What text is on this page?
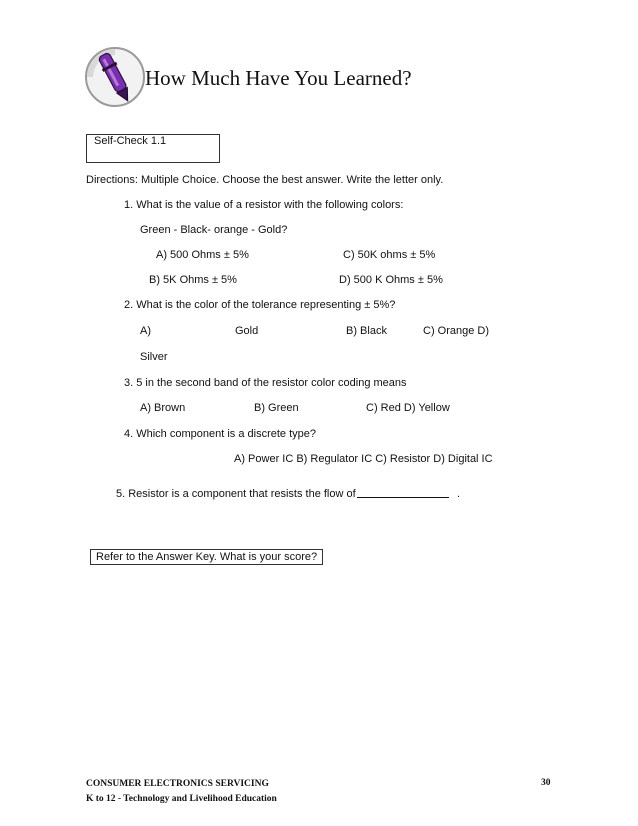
How Much Have You Learned?
Self-Check 1.1
Directions: Multiple Choice. Choose the best answer. Write the letter only.
1. What is the value of a resistor with the following colors:
Green - Black- orange - Gold?
A) 500 Ohms ± 5%	C) 50K ohms ± 5%
B) 5K Ohms ± 5%	D) 500 K Ohms ± 5%
2. What is the color of the tolerance representing ± 5%?
A)	Gold	B) Black	C) Orange D)
Silver
3. 5 in the second band of the resistor color coding means
A) Brown	B) Green	C) Red D) Yellow
4. Which component is a discrete type?
A) Power IC B) Regulator IC C) Resistor D) Digital IC
5. Resistor is a component that resists the flow of	.
Refer to the Answer Key. What is your score?
CONSUMER ELECTRONICS SERVICING
K to 12 - Technology and Livelihood Education
30
